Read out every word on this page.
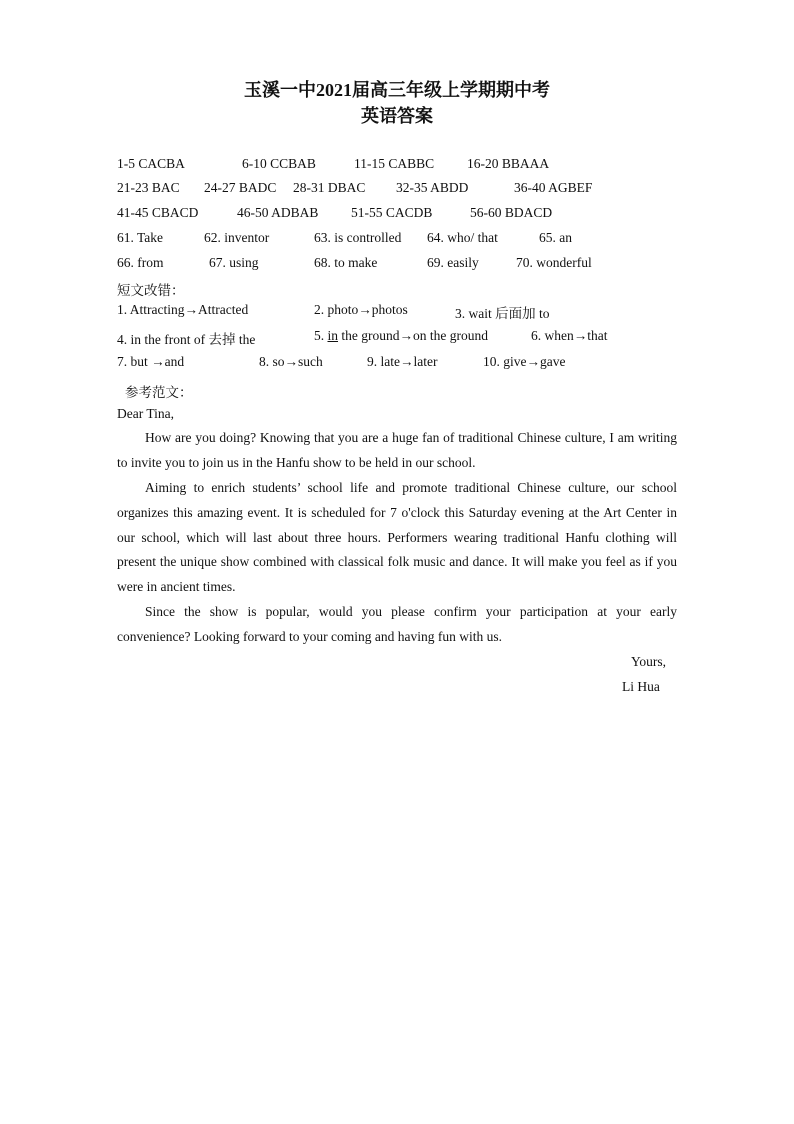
玉溪一中2021届高三年级上学期期中考
英语答案
1-5 CACBA	6-10 CCBAB	11-15 CABBC 16-20 BBAAA
21-23 BAC 24-27 BADC 28-31 DBAC 32-35 ABDD	36-40 AGBEF
41-45 CBACD	46-50 ADBAB 51-55 CACDB	56-60 BDACD
61. Take	62. inventor	63. is controlled 64. who/ that	65. an
66. from	67. using	68. to make	69. easily	70. wonderful
短文改错：
1. Attracting→Attracted	2. photo→photos	3. wait 后面加 to
4. in the front of 去掉 the	5. in the ground→on the ground	6. when→that
7. but →and	8. so→such	9. late→later	10. give→gave
参考范文：
Dear Tina,

How are you doing? Knowing that you are a huge fan of traditional Chinese culture, I am writing to invite you to join us in the Hanfu show to be held in our school.

Aiming to enrich students’ school life and promote traditional Chinese culture, our school organizes this amazing event. It is scheduled for 7 o'clock this Saturday evening at the Art Center in our school, which will last about three hours. Performers wearing traditional Hanfu clothing will present the unique show combined with classical folk music and dance. It will make you feel as if you were in ancient times.

Since the show is popular, would you please confirm your participation at your early convenience? Looking forward to your coming and having fun with us.

Yours,
Li Hua
